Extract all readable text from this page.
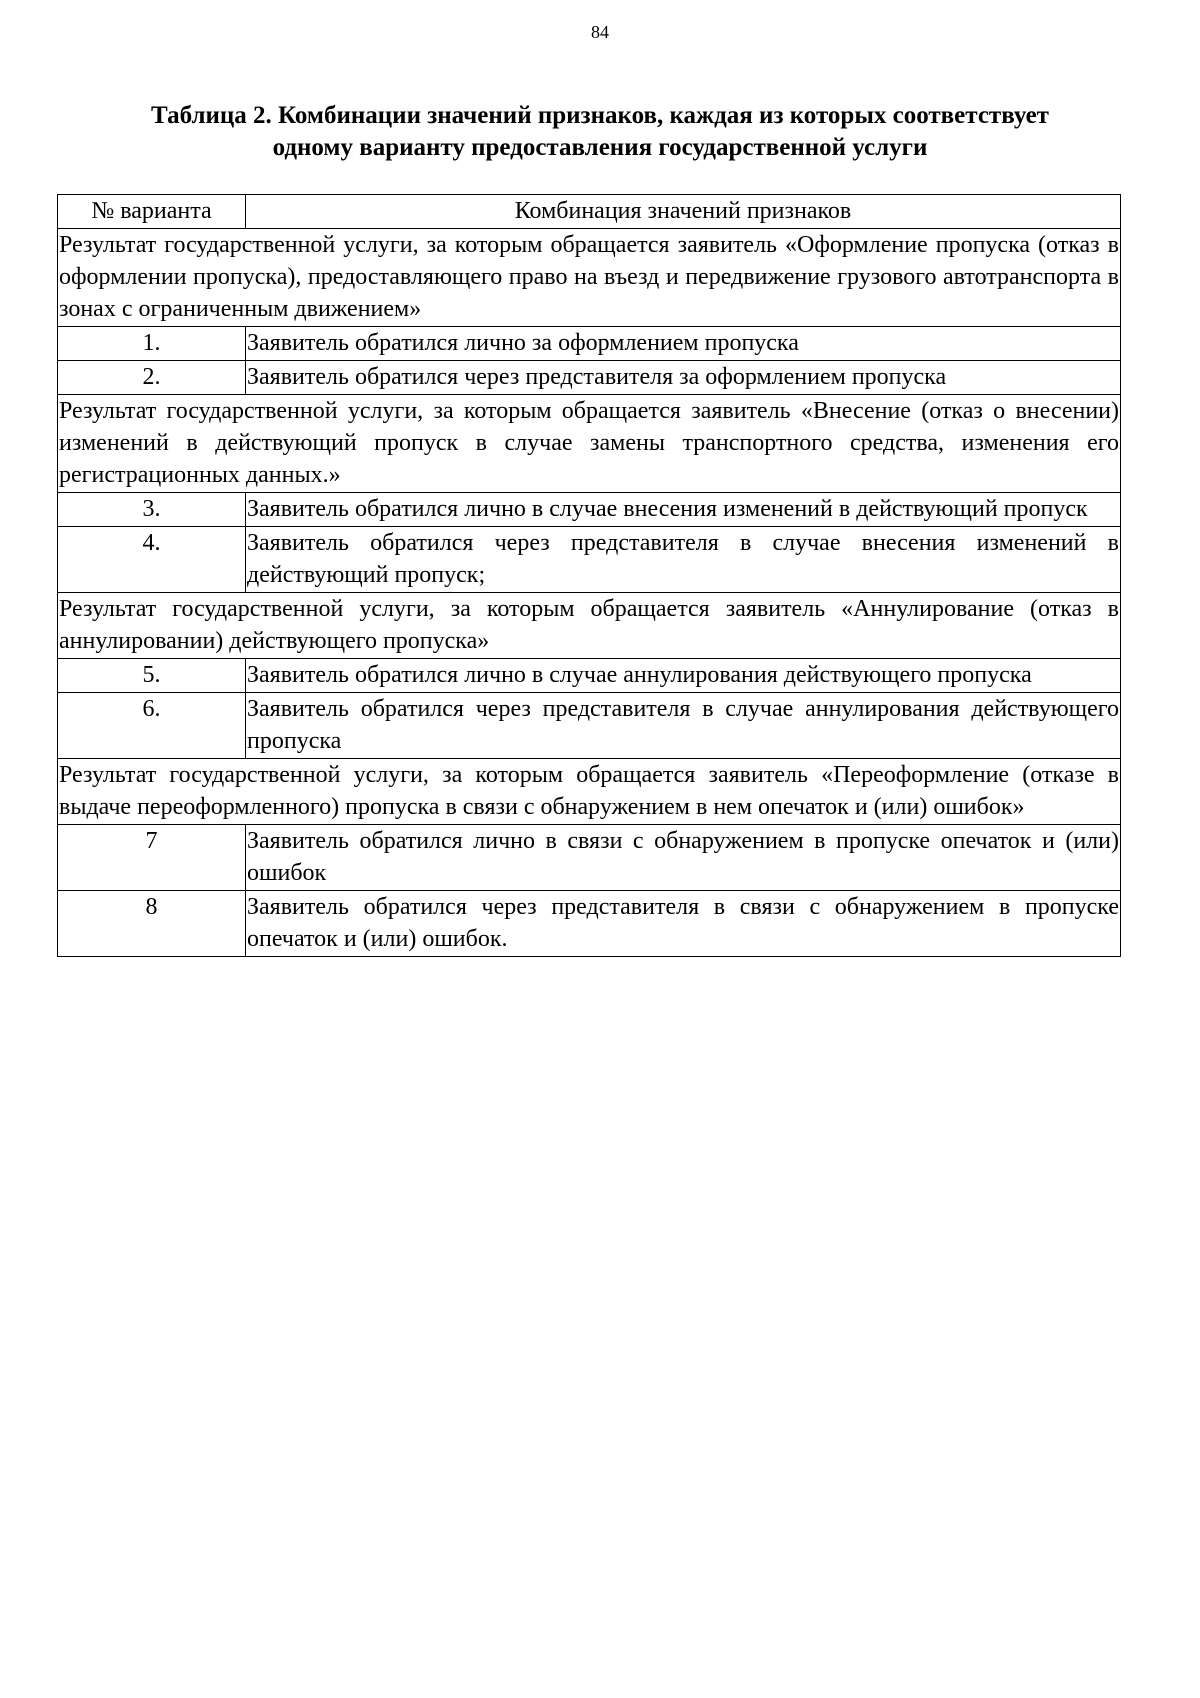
84
Таблица 2. Комбинации значений признаков, каждая из которых соответствует
одному варианту предоставления государственной услуги
№ варианта	Комбинация значений признаков
Результат государственной услуги, за которым обращается заявитель «Оформление пропуска (отказ в оформлении пропуска), предоставляющего право на въезд и передвижение грузового автотранспорта в зонах с ограниченным движением»	
1.	Заявитель обратился лично за оформлением пропуска
2.	Заявитель обратился через представителя за оформлением пропуска
Результат государственной услуги, за которым обращается заявитель «Внесение (отказ о внесении) изменений в действующий пропуск в случае замены транспортного средства, изменения его регистрационных данных.»	
3.	Заявитель обратился лично в случае внесения изменений в действующий пропуск
4.	Заявитель обратился через представителя в случае внесения изменений в действующий пропуск;
Результат государственной услуги, за которым обращается заявитель «Аннулирование (отказ в аннулировании) действующего пропуска»	
5.	Заявитель обратился лично в случае аннулирования действующего пропуска
6.	Заявитель обратился через представителя в случае аннулирования действующего пропуска
Результат государственной услуги, за которым обращается заявитель «Переоформление (отказе в выдаче переоформленного) пропуска в связи с обнаружением в нем опечаток и (или) ошибок»	
7	Заявитель обратился лично в связи с обнаружением в пропуске опечаток и (или) ошибок
8	Заявитель обратился через представителя в связи с обнаружением в пропуске опечаток и (или) ошибок.
